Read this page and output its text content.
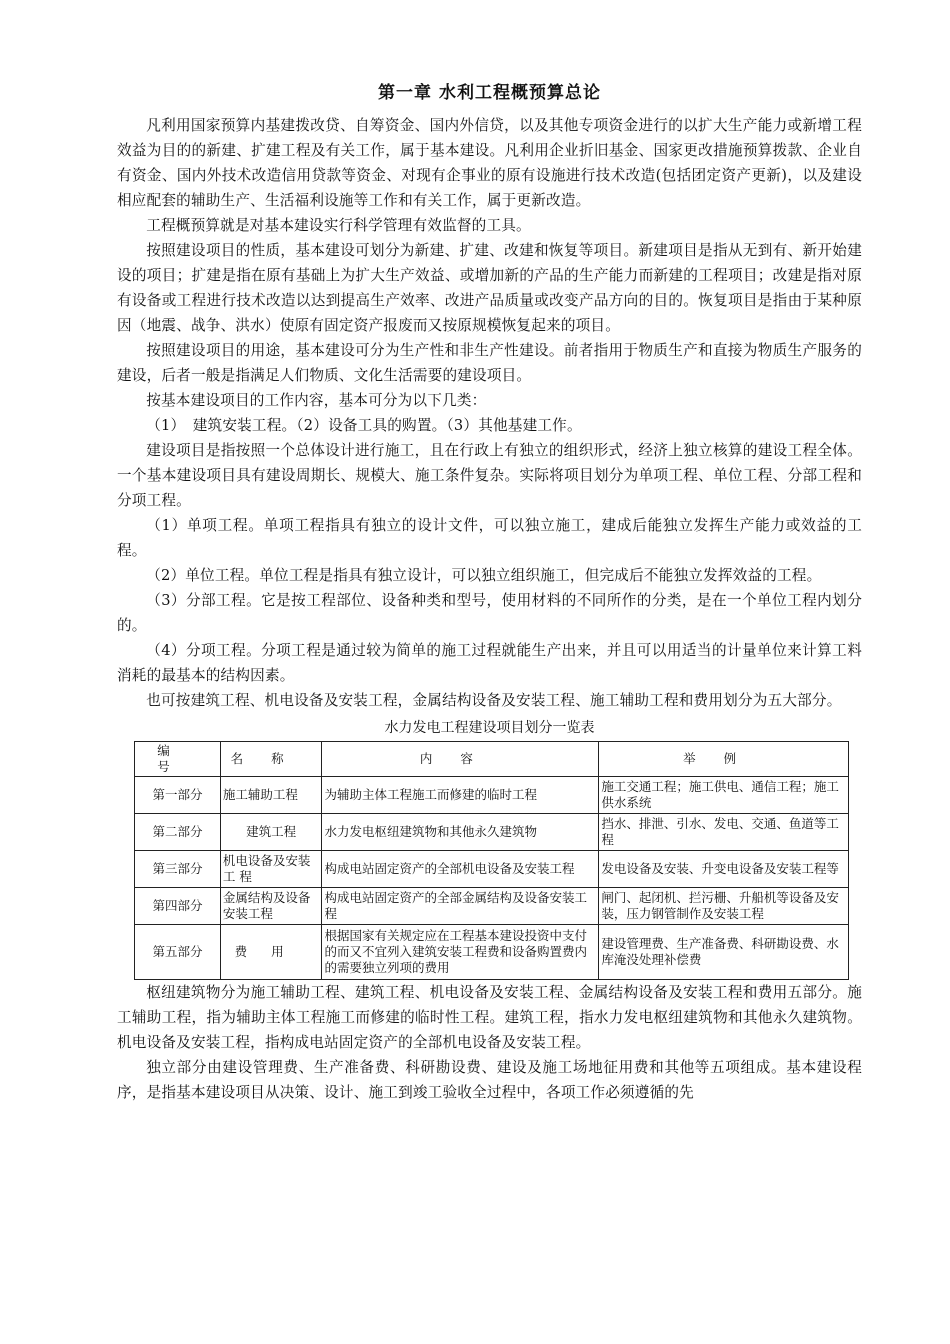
第一章 水利工程概预算总论

凡利用国家预算内基建拨改贷、自筹资金、国内外信贷，以及其他专项资金进行的以扩大生产能力或新增工程效益为目的的新建、扩建工程及有关工作，属于基本建设。凡利用企业折旧基金、国家更改措施预算拨款、企业自有资金、国内外技术改造信用贷款等资金、对现有企事业的原有设施进行技术改造(包括团定资产更新)，以及建设相应配套的辅助生产、生活福利设施等工作和有关工作，属于更新改造。

工程概预算就是对基本建设实行科学管理有效监督的工具。

按照建设项目的性质，基本建设可划分为新建、扩建、改建和恢复等项目。新建项目是指从无到有、新开始建设的项目；扩建是指在原有基础上为扩大生产效益、或增加新的产品的生产能力而新建的工程项目；改建是指对原有设备或工程进行技术改造以达到提高生产效率、改进产品质量或改变产品方向的目的。恢复项目是指由于某种原因（地震、战争、洪水）使原有固定资产报废而又按原规模恢复起来的项目。

按照建设项目的用途，基本建设可分为生产性和非生产性建设。前者指用于物质生产和直接为物质生产服务的建设，后者一般是指满足人们物质、文化生活需要的建设项目。

按基本建设项目的工作内容，基本可分为以下几类：

（1）　建筑安装工程。（2）设备工具的购置。（3）其他基建工作。

建设项目是指按照一个总体设计进行施工，且在行政上有独立的组织形式，经济上独立核算的建设工程全体。一个基本建设项目具有建设周期长、规模大、施工条件复杂。实际将项目划分为单项工程、单位工程、分部工程和分项工程。

（1）单项工程。单项工程指具有独立的设计文件，可以独立施工，建成后能独立发挥生产能力或效益的工程。

（2）单位工程。单位工程是指具有独立设计，可以独立组织施工，但完成后不能独立发挥效益的工程。

（3）分部工程。它是按工程部位、设备种类和型号，使用材料的不同所作的分类，是在一个单位工程内划分的。

（4）分项工程。分项工程是通过较为简单的施工过程就能生产出来，并且可以用适当的计量单位来计算工料消耗的最基本的结构因素。

也可按建筑工程、机电设备及安装工程，金属结构设备及安装工程、施工辅助工程和费用划分为五大部分。

水力发电工程建设项目划分一览表
编号	名称	内容	举例
第一部分	施工辅助工程	为辅助主体工程施工而修建的临时工程	施工交通工程；施工供电、通信工程；施工供水系统
第二部分	建筑工程	水力发电枢纽建筑物和其他永久建筑物	挡水、排泄、引水、发电、交通、鱼道等工程
第三部分	机电设备及安装工 程	构成电站固定资产的全部机电设备及安装工程	发电设备及安装、升变电设备及安装工程等
第四部分	金属结构及设备安装工程	构成电站固定资产的全部金属结构及设备安装工程	闸门、起闭机、拦污栅、升船机等设备及安装，压力钢管制作及安装工程
第五部分	费用	根据国家有关规定应在工程基本建设投资中支付的而又不宜列入建筑安装工程费和设备购置费内的需要独立列项的费用	建设管理费、生产准备费、科研勘设费、水库淹没处理补偿费

枢纽建筑物分为施工辅助工程、建筑工程、机电设备及安装工程、金属结构设备及安装工程和费用五部分。施工辅助工程，指为辅助主体工程施工而修建的临时性工程。建筑工程，指水力发电枢纽建筑物和其他永久建筑物。机电设备及安装工程，指构成电站固定资产的全部机电设备及安装工程。

独立部分由建设管理费、生产准备费、科研勘设费、建设及施工场地征用费和其他等五项组成。基本建设程序，是指基本建设项目从决策、设计、施工到竣工验收全过程中，各项工作必须遵循的先
